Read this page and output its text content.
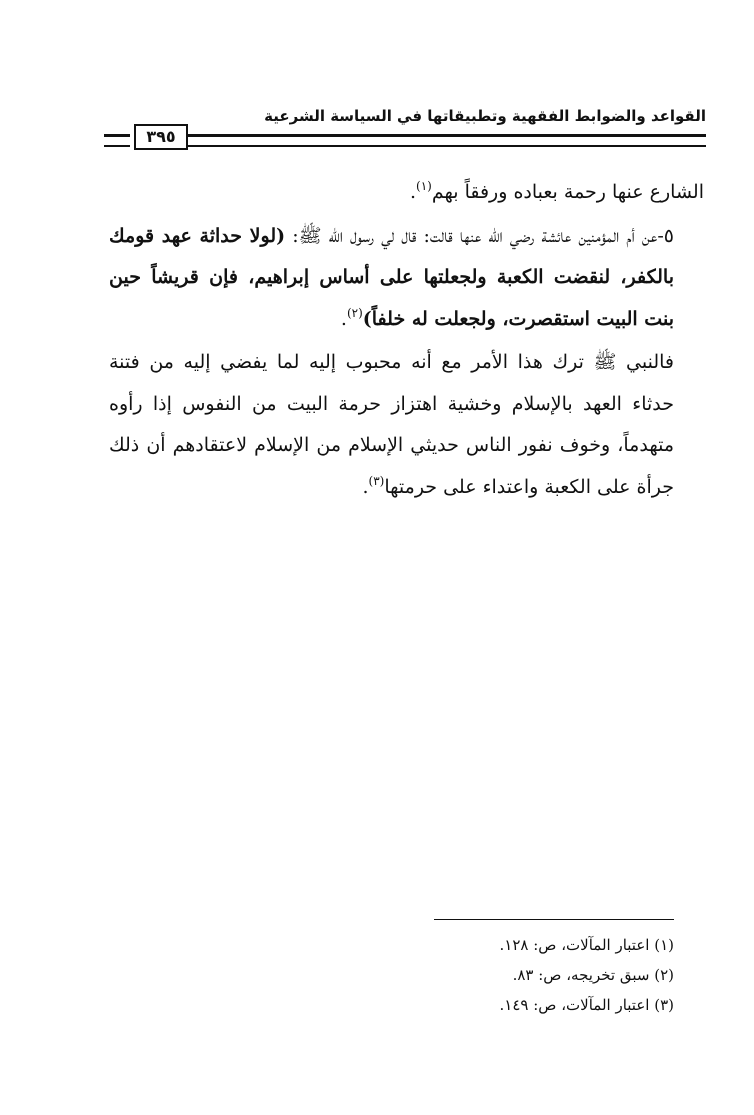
القواعد والضوابط الفقهية وتطبيقاتها في السياسة الشرعية
٣٩٥

الشارع عنها رحمة بعباده ورفقاً بهم$^{(١)}$.

٥-عن أم المؤمنين عائشة رضي الله عنها قالت: قال لي رسول الله ﷺ: (لولا حداثة عهد قومك بالكفر، لنقضت الكعبة ولجعلتها على أساس إبراهيم، فإن قريشاً حين بنت البيت استقصرت، ولجعلت له خلفاً)$^{(٢)}$.

فالنبي ﷺ ترك هذا الأمر مع أنه محبوب إليه لما يفضي إليه من فتنة حدثاء العهد بالإسلام وخشية اهتزاز حرمة البيت من النفوس إذا رأوه متهدماً، وخوف نفور الناس حديثي الإسلام من الإسلام لاعتقادهم أن ذلك جرأة على الكعبة واعتداء على حرمتها$^{(٣)}$.

(١) اعتبار المآلات، ص: ١٢٨.
(٢) سبق تخريجه، ص: ٨٣.
(٣) اعتبار المآلات، ص: ١٤٩.
